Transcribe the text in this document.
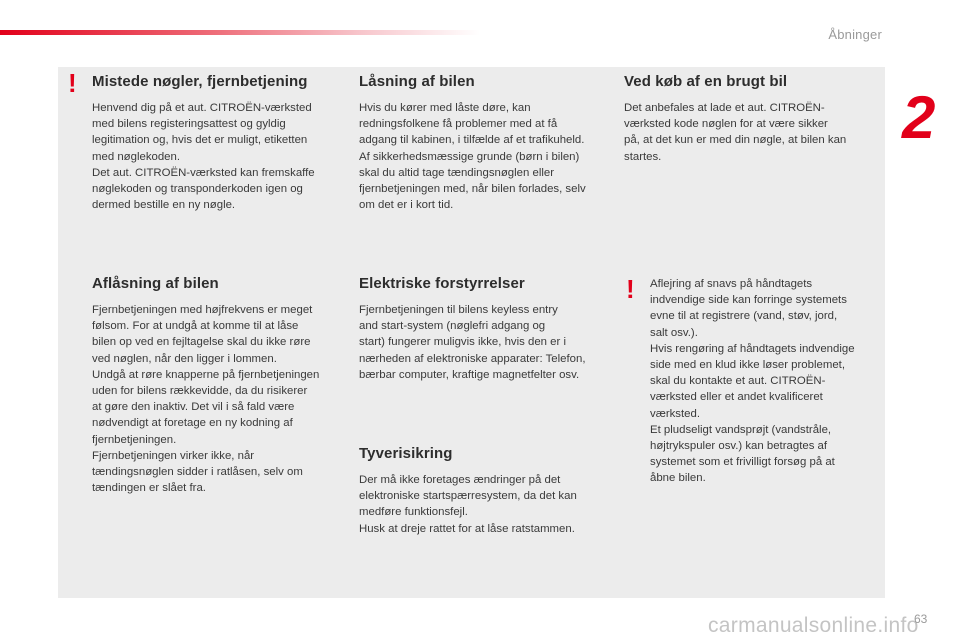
Åbninger
2
! Mistede nøgler, fjernbetjening

Henvend dig på et aut. CITROËN-værksted
med bilens registeringsattest og gyldig
legitimation og, hvis det er muligt, etiketten
med nøglekoden.
Det aut. CITROËN-værksted kan fremskaffe
nøglekoden og transponderkoden igen og
dermed bestille en ny nøgle.

Låsning af bilen

Hvis du kører med låste døre, kan
redningsfolkene få problemer med at få
adgang til kabinen, i tilfælde af et trafikuheld.
Af sikkerhedsmæssige grunde (børn i bilen)
skal du altid tage tændingsnøglen eller
fjernbetjeningen med, når bilen forlades, selv
om det er i kort tid.

Ved køb af en brugt bil

Det anbefales at lade et aut. CITROËN-
værksted kode nøglen for at være sikker
på, at det kun er med din nøgle, at bilen kan
startes.

Aflåsning af bilen

Fjernbetjeningen med højfrekvens er meget
følsom. For at undgå at komme til at låse
bilen op ved en fejltagelse skal du ikke røre
ved nøglen, når den ligger i lommen.
Undgå at røre knapperne på fjernbetjeningen
uden for bilens rækkevidde, da du risikerer
at gøre den inaktiv. Det vil i så fald være
nødvendigt at foretage en ny kodning af
fjernbetjeningen.
Fjernbetjeningen virker ikke, når
tændingsnøglen sidder i ratlåsen, selv om
tændingen er slået fra.

Elektriske forstyrrelser

Fjernbetjeningen til bilens keyless entry
and start-system (nøglefri adgang og
start) fungerer muligvis ikke, hvis den er i
nærheden af elektroniske apparater: Telefon,
bærbar computer, kraftige magnetfelter osv.

Tyverisikring

Der må ikke foretages ændringer på det
elektroniske startspærresystem, da det kan
medføre funktionsfejl.
Husk at dreje rattet for at låse ratstammen.

! Aflejring af snavs på håndtagets
indvendige side kan forringe systemets
evne til at registrere (vand, støv, jord,
salt osv.).
Hvis rengøring af håndtagets indvendige
side med en klud ikke løser problemet,
skal du kontakte et aut. CITROËN-
værksted eller et andet kvalificeret
værksted.
Et pludseligt vandsprøjt (vandstråle,
højtrykspuler osv.) kan betragtes af
systemet som et frivilligt forsøg på at
åbne bilen.

carmanualsonline.info
63
